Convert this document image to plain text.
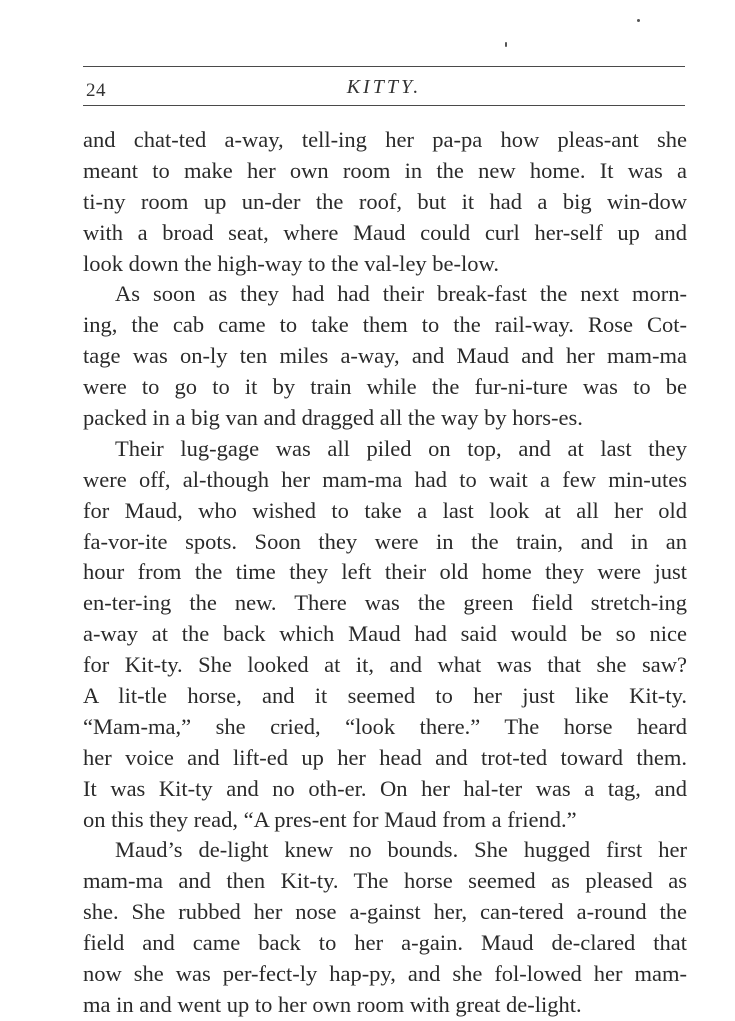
24	KITTY.
and chat-ted a-way, tell-ing her pa-pa how pleas-ant she
meant to make her own room in the new home. It was a
ti-ny room up un-der the roof, but it had a big win-dow
with a broad seat, where Maud could curl her-self up and
look down the high-way to the val-ley be-low.
As soon as they had had their break-fast the next morn-
ing, the cab came to take them to the rail-way. Rose Cot-
tage was on-ly ten miles a-way, and Maud and her mam-ma
were to go to it by train while the fur-ni-ture was to be
packed in a big van and dragged all the way by hors-es.
Their lug-gage was all piled on top, and at last they
were off, al-though her mam-ma had to wait a few min-utes
for Maud, who wished to take a last look at all her old
fa-vor-ite spots. Soon they were in the train, and in an
hour from the time they left their old home they were just
en-ter-ing the new. There was the green field stretch-ing
a-way at the back which Maud had said would be so nice
for Kit-ty. She looked at it, and what was that she saw?
A lit-tle horse, and it seemed to her just like Kit-ty.
“Mam-ma,” she cried, “look there.” The horse heard
her voice and lift-ed up her head and trot-ted toward them.
It was Kit-ty and no oth-er. On her hal-ter was a tag, and
on this they read, “A pres-ent for Maud from a friend.”
Maud’s de-light knew no bounds. She hugged first her
mam-ma and then Kit-ty. The horse seemed as pleased as
she. She rubbed her nose a-gainst her, can-tered a-round the
field and came back to her a-gain. Maud de-clared that
now she was per-fect-ly hap-py, and she fol-lowed her mam-
ma in and went up to her own room with great de-light.
